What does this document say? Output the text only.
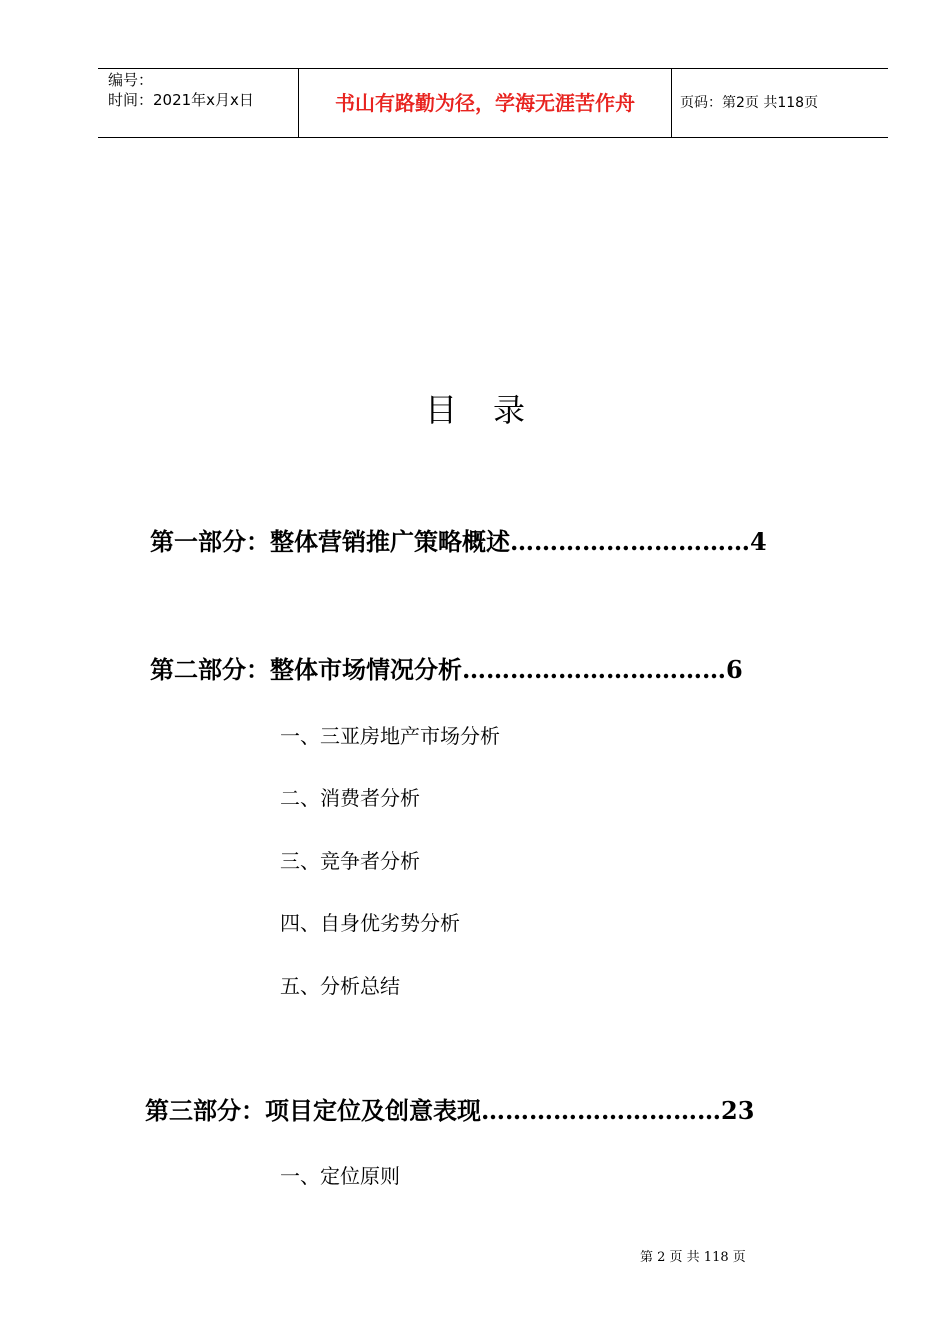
编号：
时间：2021年x月x日	书山有路勤为径，学海无涯苦作舟	页码：第2页 共118页
目录
第一部分：整体营销推广策略概述…………………………4
第二部分：整体市场情况分析……………………………6
一、三亚房地产市场分析
二、消费者分析
三、竞争者分析
四、自身优劣势分析
五、分析总结
第三部分：项目定位及创意表现…………………………23
一、定位原则
第 2 页 共 118 页
